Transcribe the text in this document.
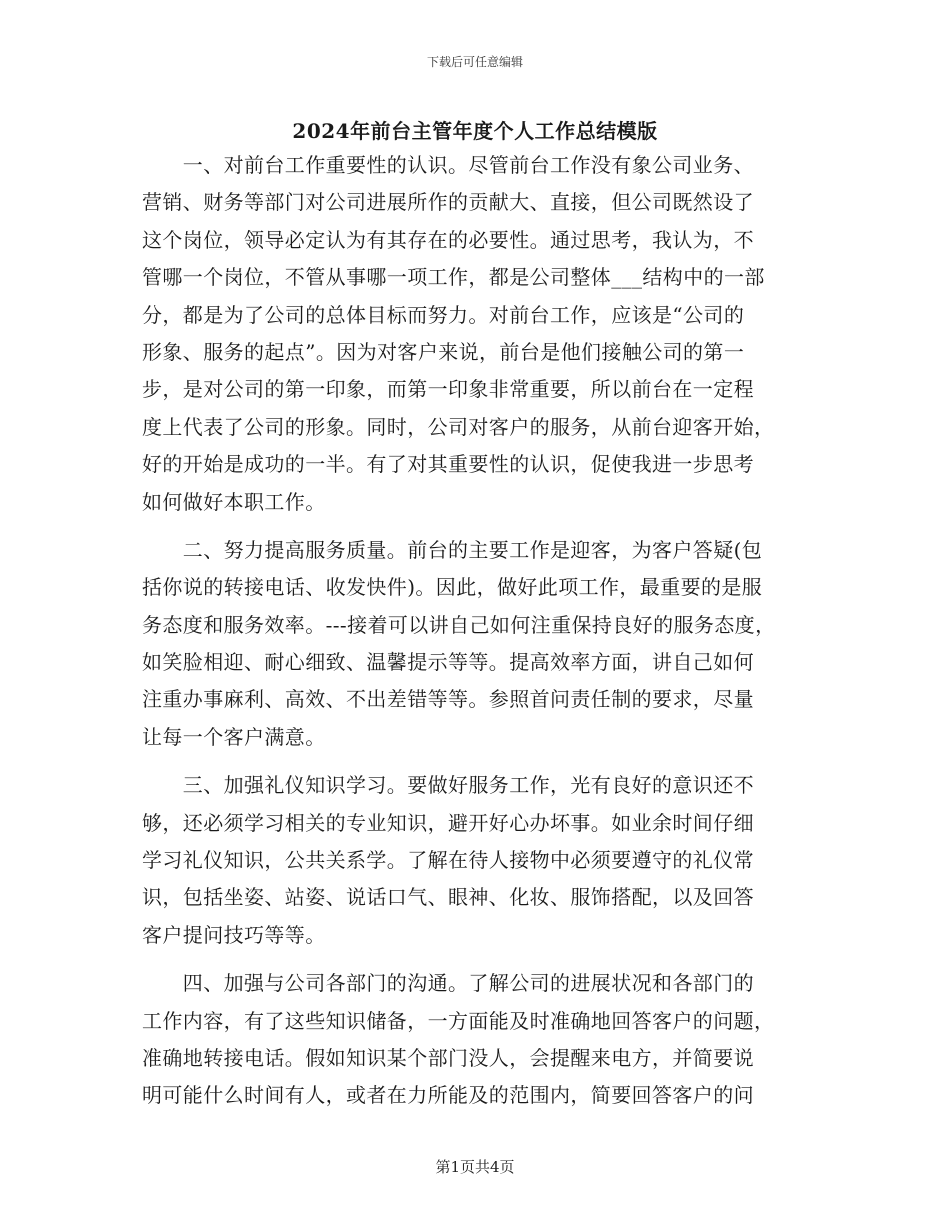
下载后可任意编辑
2024年前台主管年度个人工作总结模版
　　一、对前台工作重要性的认识。尽管前台工作没有象公司业务、
营销、财务等部门对公司进展所作的贡献大、直接，但公司既然设了
这个岗位，领导必定认为有其存在的必要性。通过思考，我认为，不
管哪一个岗位，不管从事哪一项工作，都是公司整体___结构中的一部
分，都是为了公司的总体目标而努力。对前台工作，应该是“公司的
形象、服务的起点”。因为对客户来说，前台是他们接触公司的第一
步，是对公司的第一印象，而第一印象非常重要，所以前台在一定程
度上代表了公司的形象。同时，公司对客户的服务，从前台迎客开始，
好的开始是成功的一半。有了对其重要性的认识，促使我进一步思考
如何做好本职工作。
　　二、努力提高服务质量。前台的主要工作是迎客，为客户答疑(包
括你说的转接电话、收发快件)。因此，做好此项工作，最重要的是服
务态度和服务效率。---接着可以讲自己如何注重保持良好的服务态度，
如笑脸相迎、耐心细致、温馨提示等等。提高效率方面，讲自己如何
注重办事麻利、高效、不出差错等等。参照首问责任制的要求，尽量
让每一个客户满意。
　　三、加强礼仪知识学习。要做好服务工作，光有良好的意识还不
够，还必须学习相关的专业知识，避开好心办坏事。如业余时间仔细
学习礼仪知识，公共关系学。了解在待人接物中必须要遵守的礼仪常
识，包括坐姿、站姿、说话口气、眼神、化妆、服饰搭配，以及回答
客户提问技巧等等。
　　四、加强与公司各部门的沟通。了解公司的进展状况和各部门的
工作内容，有了这些知识储备，一方面能及时准确地回答客户的问题，
准确地转接电话。假如知识某个部门没人，会提醒来电方，并简要说
明可能什么时间有人，或者在力所能及的范围内，简要回答客户的问
第1页共4页
